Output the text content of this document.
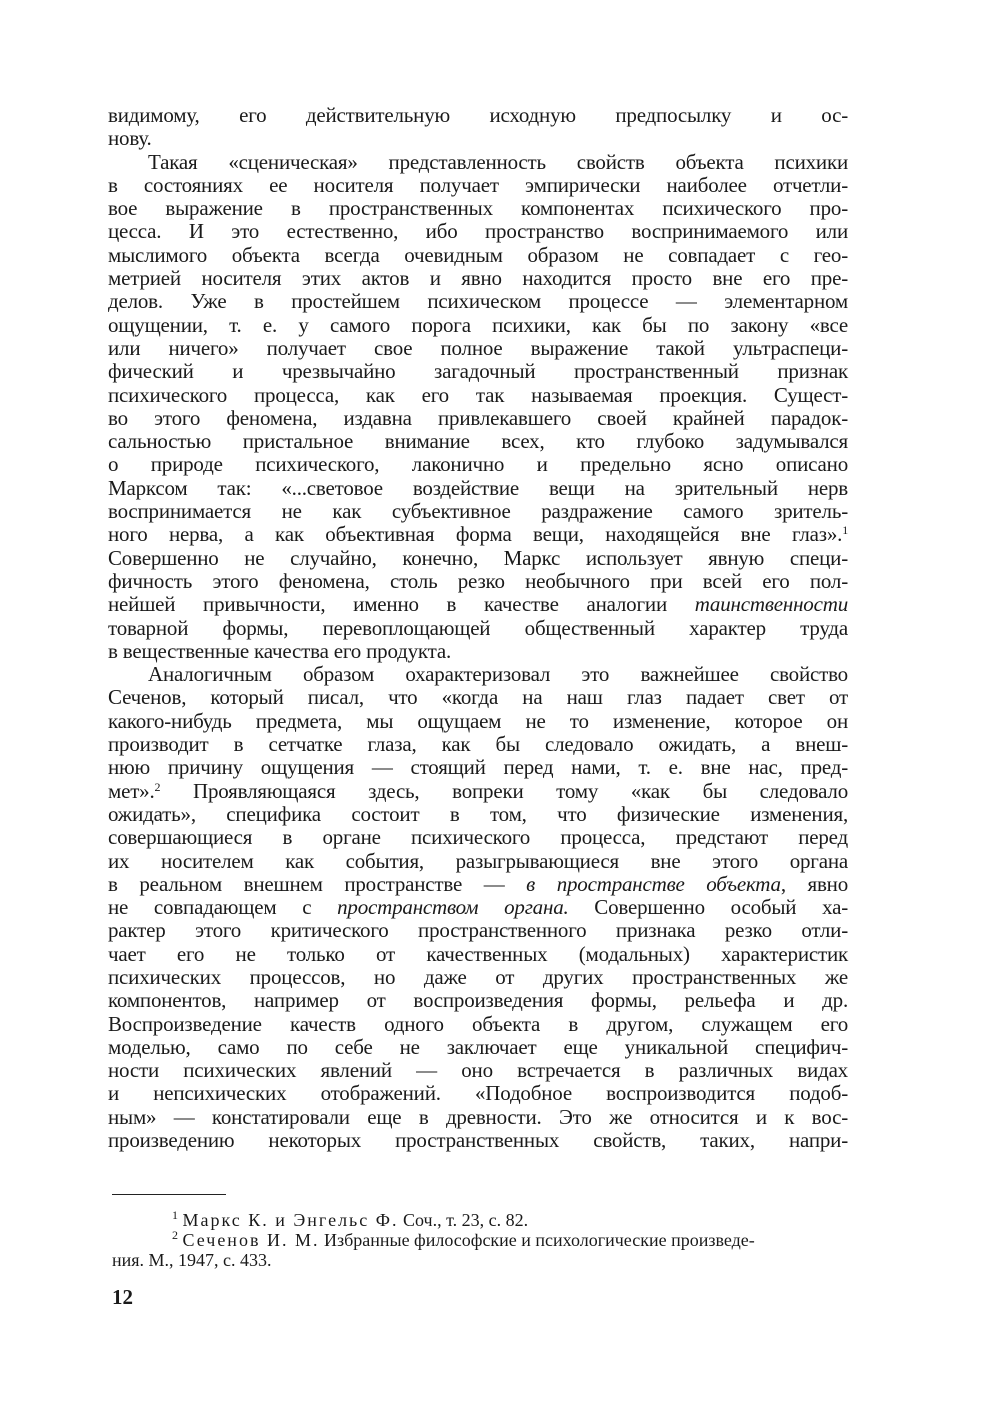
видимому, его действительную исходную предпосылку и ос-
нову.
Такая «сценическая» представленность свойств объекта психики
в состояниях ее носителя получает эмпирически наиболее отчетли-
вое выражение в пространственных компонентах психического про-
цесса. И это естественно, ибо пространство воспринимаемого или
мыслимого объекта всегда очевидным образом не совпадает с гео-
метрией носителя этих актов и явно находится просто вне его пре-
делов. Уже в простейшем психическом процессе — элементарном
ощущении, т. е. у самого порога психики, как бы по закону «все
или ничего» получает свое полное выражение такой ультраспеци-
фический и чрезвычайно загадочный пространственный признак
психического процесса, как его так называемая проекция. Сущест-
во этого феномена, издавна привлекавшего своей крайней парадок-
сальностью пристальное внимание всех, кто глубоко задумывался
о природе психического, лаконично и предельно ясно описано
Марксом так: «...световое воздействие вещи на зрительный нерв
воспринимается не как субъективное раздражение самого зритель-
ного нерва, а как объективная форма вещи, находящейся вне глаз».$^1$
Совершенно не случайно, конечно, Маркс использует явную специ-
фичность этого феномена, столь резко необычного при всей его пол-
нейшей привычности, именно в качестве аналогии таинственности
товарной формы, перевоплощающей общественный характер труда
в вещественные качества его продукта.
Аналогичным образом охарактеризовал это важнейшее свойство
Сеченов, который писал, что «когда на наш глаз падает свет от
какого-нибудь предмета, мы ощущаем не то изменение, которое он
производит в сетчатке глаза, как бы следовало ожидать, а внеш-
нюю причину ощущения — стоящий перед нами, т. е. вне нас, пред-
мет».$^2$ Проявляющаяся здесь, вопреки тому «как бы следовало
ожидать», специфика состоит в том, что физические изменения,
совершающиеся в органе психического процесса, предстают перед
их носителем как события, разыгрывающиеся вне этого органа
в реальном внешнем пространстве — в пространстве объекта, явно
не совпадающем с пространством органа. Совершенно особый ха-
рактер этого критического пространственного признака резко отли-
чает его не только от качественных (модальных) характеристик
психических процессов, но даже от других пространственных же
компонентов, например от воспроизведения формы, рельефа и др.
Воспроизведение качеств одного объекта в другом, служащем его
моделью, само по себе не заключает еще уникальной специфич-
ности психических явлений — оно встречается в различных видах
и непсихических отображений. «Подобное воспроизводится подоб-
ным» — констатировали еще в древности. Это же относится и к вос-
произведению некоторых пространственных свойств, таких, напри-
$^1$ Маркс К. и Энгельс Ф. Соч., т. 23, с. 82.
$^2$ Сеченов И. М. Избранные философские и психологические произведе-
ния. М., 1947, с. 433.
12
